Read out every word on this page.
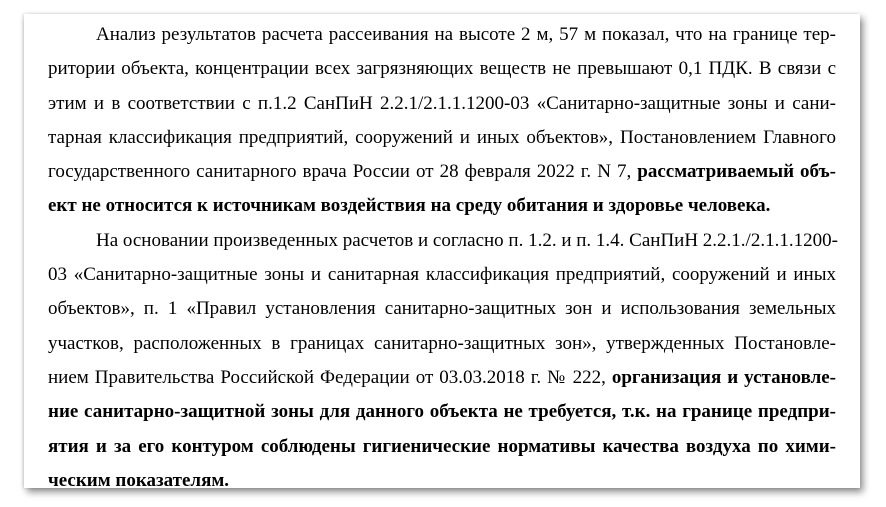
Анализ результатов расчета рассеивания на высоте 2 м, 57 м показал, что на границе тер-
ритории объекта, концентрации всех загрязняющих веществ не превышают 0,1 ПДК. В связи с
этим и в соответствии с п.1.2 СанПиН 2.2.1/2.1.1.1200-03 «Санитарно-защитные зоны и сани-
тарная классификация предприятий, сооружений и иных объектов», Постановлением Главного
государственного санитарного врача России от 28 февраля 2022 г. N 7, рассматриваемый объ-
ект не относится к источникам воздействия на среду обитания и здоровье человека.
На основании произведенных расчетов и согласно п. 1.2. и п. 1.4. СанПиН 2.2.1./2.1.1.1200-
03 «Санитарно-защитные зоны и санитарная классификация предприятий, сооружений и иных
объектов», п. 1 «Правил установления санитарно-защитных зон и использования земельных
участков, расположенных в границах санитарно-защитных зон», утвержденных Постановле-
нием Правительства Российской Федерации от 03.03.2018 г. № 222, организация и установле-
ние санитарно-защитной зоны для данного объекта не требуется, т.к. на границе предпри-
ятия и за его контуром соблюдены гигиенические нормативы качества воздуха по хими-
ческим показателям.
